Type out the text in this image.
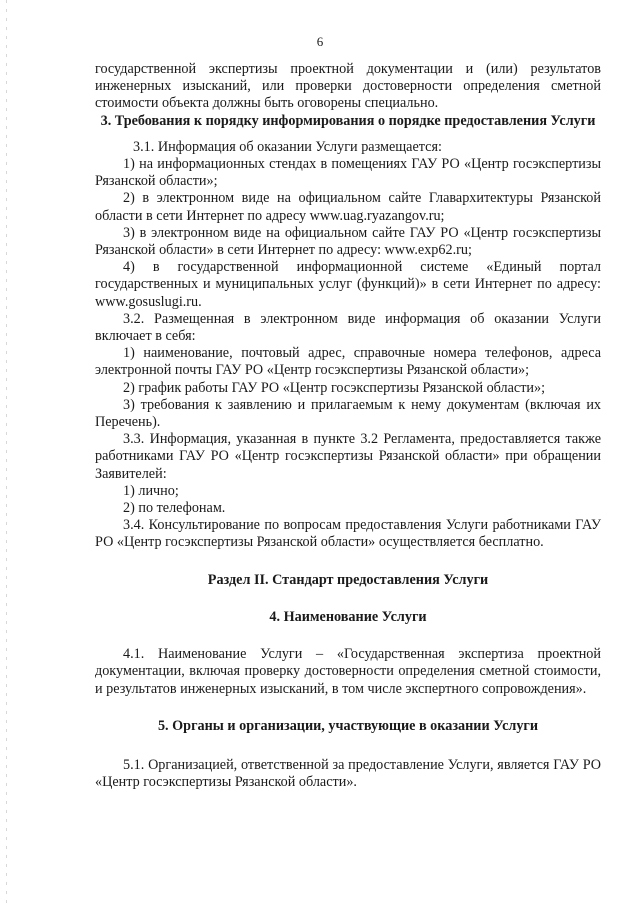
6
государственной экспертизы проектной документации и (или) результатов инженерных изысканий, или проверки достоверности определения сметной стоимости объекта должны быть оговорены специально.
3. Требования к порядку информирования о порядке предоставления Услуги
3.1. Информация об оказании Услуги размещается:
1) на информационных стендах в помещениях ГАУ РО «Центр госэкспертизы Рязанской области»;
2) в электронном виде на официальном сайте Главархитектуры Рязанской области в сети Интернет по адресу www.uag.ryazangov.ru;
3) в электронном виде на официальном сайте ГАУ РО «Центр госэкспертизы Рязанской области» в сети Интернет по адресу: www.exp62.ru;
4) в государственной информационной системе «Единый портал государственных и муниципальных услуг (функций)» в сети Интернет по адресу: www.gosuslugi.ru.
3.2. Размещенная в электронном виде информация об оказании Услуги включает в себя:
1) наименование, почтовый адрес, справочные номера телефонов, адреса электронной почты ГАУ РО «Центр госэкспертизы Рязанской области»;
2) график работы ГАУ РО «Центр госэкспертизы Рязанской области»;
3) требования к заявлению и прилагаемым к нему документам (включая их Перечень).
3.3. Информация, указанная в пункте 3.2 Регламента, предоставляется также работниками ГАУ РО «Центр госэкспертизы Рязанской области» при обращении Заявителей:
1) лично;
2) по телефонам.
3.4. Консультирование по вопросам предоставления Услуги работниками ГАУ РО «Центр госэкспертизы Рязанской области» осуществляется бесплатно.
Раздел II. Стандарт предоставления Услуги
4. Наименование Услуги
4.1. Наименование Услуги – «Государственная экспертиза проектной документации, включая проверку достоверности определения сметной стоимости, и результатов инженерных изысканий, в том числе экспертного сопровождения».
5. Органы и организации, участвующие в оказании Услуги
5.1. Организацией, ответственной за предоставление Услуги, является ГАУ РО «Центр госэкспертизы Рязанской области».
